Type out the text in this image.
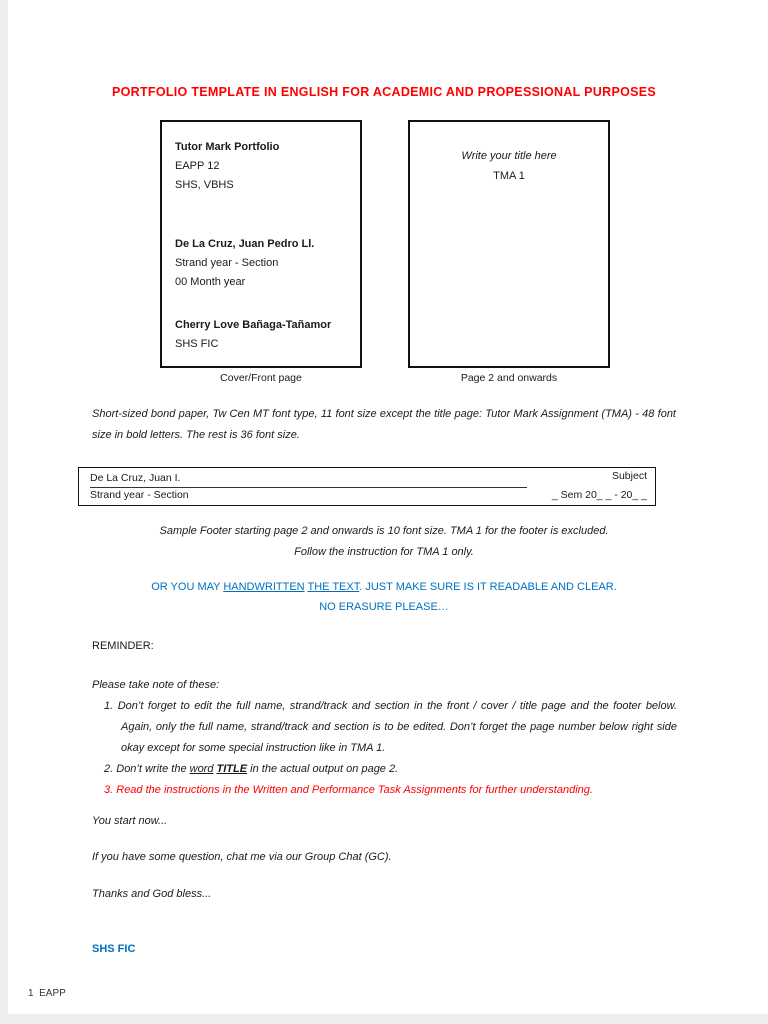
PORTFOLIO TEMPLATE IN ENGLISH FOR ACADEMIC AND PROPESSIONAL PURPOSES
Tutor Mark Portfolio
EAPP 12
SHS, VBHS
De La Cruz, Juan Pedro Ll.
Strand year - Section
00 Month year
Cherry Love Bañaga-Tañamor
SHS FIC
Write your title here
TMA 1
Cover/Front page	Page 2 and onwards
Short-sized bond paper, Tw Cen MT font type, 11 font size except the title page: Tutor Mark Assignment (TMA) - 48 font size in bold letters. The rest is 36 font size.
De La Cruz, Juan I.	Subject
Strand year - Section	_ Sem 20_ _ - 20_ _
Sample Footer starting page 2 and onwards is 10 font size. TMA 1 for the footer is excluded.
Follow the instruction for TMA 1 only.
OR YOU MAY HANDWRITTEN THE TEXT. JUST MAKE SURE IS IT READABLE AND CLEAR.
NO ERASURE PLEASE…
REMINDER:
Please take note of these:
1. Don’t forget to edit the full name, strand/track and section in the front / cover / title page and the footer below. Again, only the full name, strand/track and section is to be edited. Don’t forget the page number below right side okay except for some special instruction like in TMA 1.
2. Don’t write the word TITLE in the actual output on page 2.
3. Read the instructions in the Written and Performance Task Assignments for further understanding.
You start now...
If you have some question, chat me via our Group Chat (GC).
Thanks and God bless...
SHS FIC
1  EAPP
